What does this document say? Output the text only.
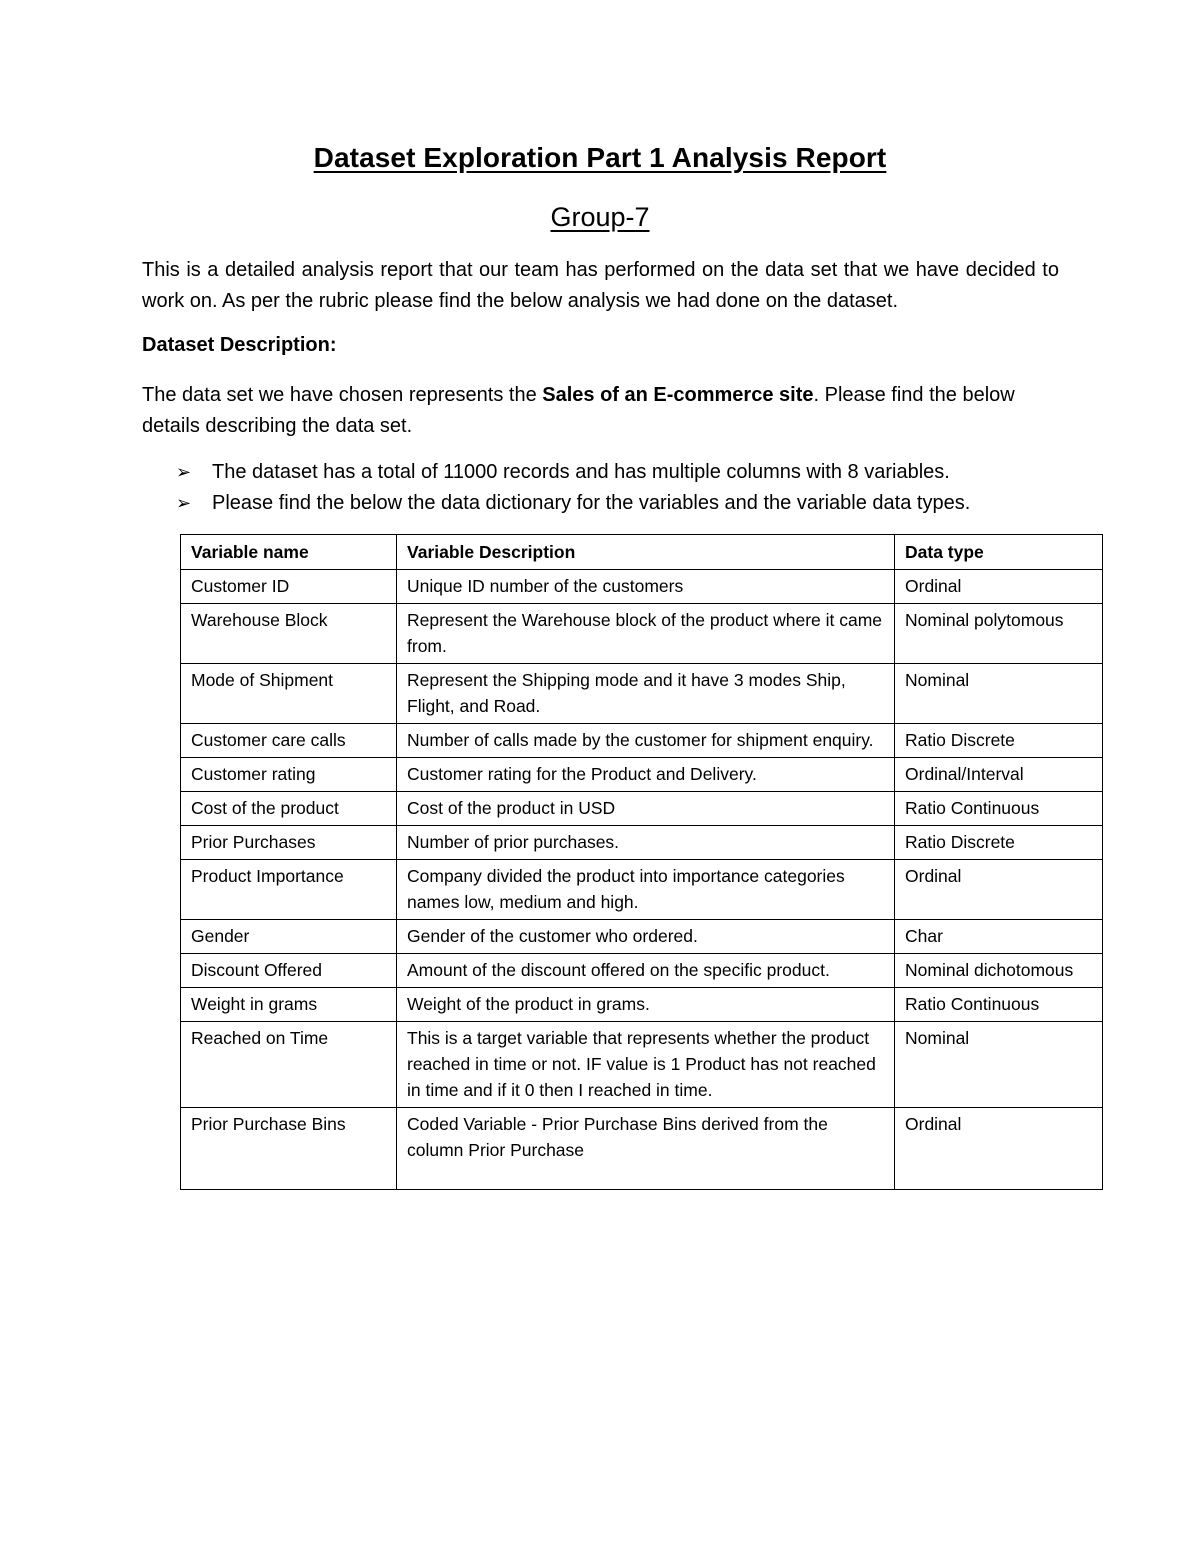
Dataset Exploration Part 1 Analysis Report
Group-7
This is a detailed analysis report that our team has performed on the data set that we have decided to work on. As per the rubric please find the below analysis we had done on the dataset.
Dataset Description:
The data set we have chosen represents the Sales of an E-commerce site. Please find the below details describing the data set.
➢	The dataset has a total of 11000 records and has multiple columns with 8 variables.
➢	Please find the below the data dictionary for the variables and the variable data types.
Variable name	Variable Description	Data type
Customer ID	Unique ID number of the customers	Ordinal
Warehouse Block	Represent the Warehouse block of the product where it came from.	Nominal polytomous
Mode of Shipment	Represent the Shipping mode and it have 3 modes Ship, Flight, and Road.	Nominal
Customer care calls	Number of calls made by the customer for shipment enquiry.	Ratio Discrete
Customer rating	Customer rating for the Product and Delivery.	Ordinal/Interval
Cost of the product	Cost of the product in USD	Ratio Continuous
Prior Purchases	Number of prior purchases.	Ratio Discrete
Product Importance	Company divided the product into importance categories names low, medium and high.	Ordinal
Gender	Gender of the customer who ordered.	Char
Discount Offered	Amount of the discount offered on the specific product.	Nominal dichotomous
Weight in grams	Weight of the product in grams.	Ratio Continuous
Reached on Time	This is a target variable that represents whether the product reached in time or not. IF value is 1 Product has not reached in time and if it 0 then I reached in time.	Nominal
Prior Purchase Bins	Coded Variable - Prior Purchase Bins derived from the column Prior Purchase	Ordinal
